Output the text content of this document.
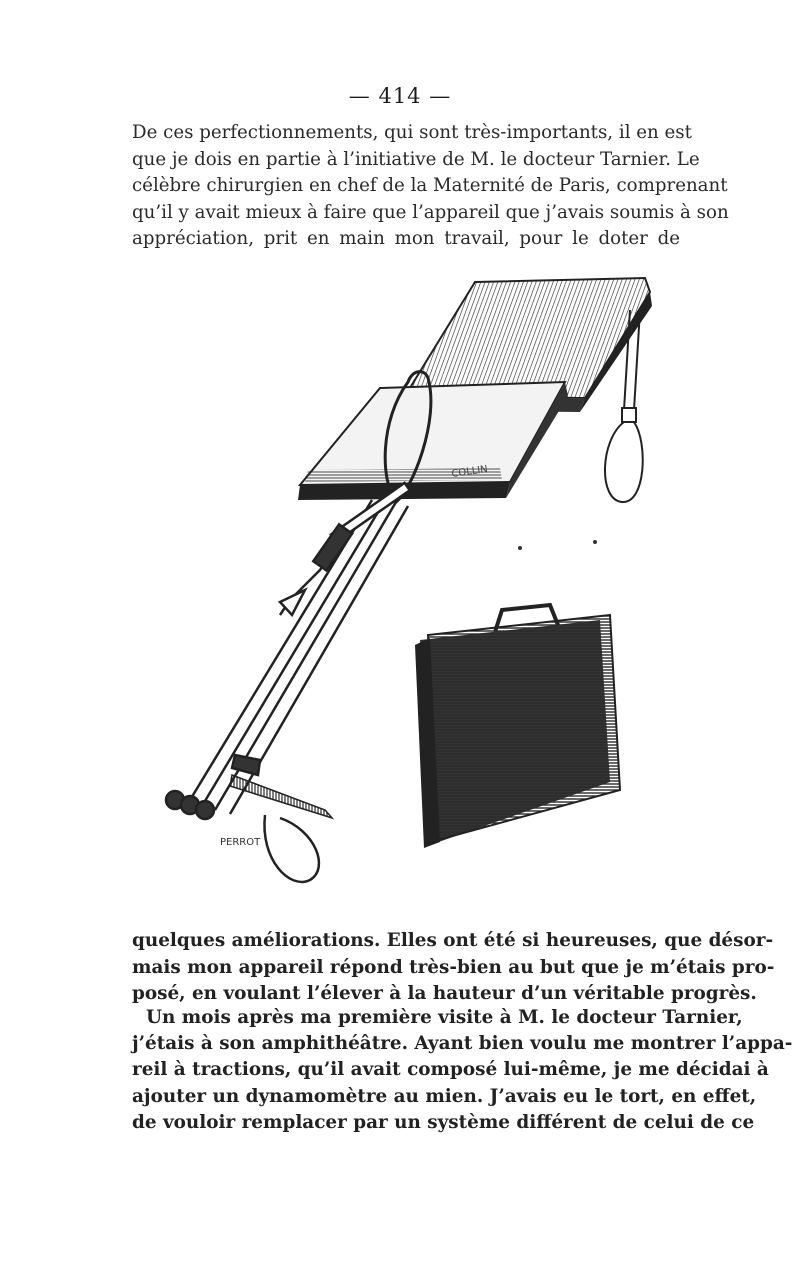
— 414 —

De ces perfectionnements, qui sont très-importants, il en est
que je dois en partie à l’initiative de M. le docteur Tarnier. Le
célèbre chirurgien en chef de la Maternité de Paris, comprenant
qu’il y avait mieux à faire que l’appareil que j’avais soumis à son
appréciation, prit en main mon travail, pour le doter de

COLLIN
PERROT

quelques améliorations. Elles ont été si heureuses, que désor-
mais mon appareil répond très-bien au but que je m’étais pro-
posé, en voulant l’élever à la hauteur d’un véritable progrès.

Un mois après ma première visite à M. le docteur Tarnier,
j’étais à son amphithéâtre. Ayant bien voulu me montrer l’appa-
reil à tractions, qu’il avait composé lui-même, je me décidai à
ajouter un dynamomètre au mien. J’avais eu le tort, en effet,
de vouloir remplacer par un système différent de celui de ce
